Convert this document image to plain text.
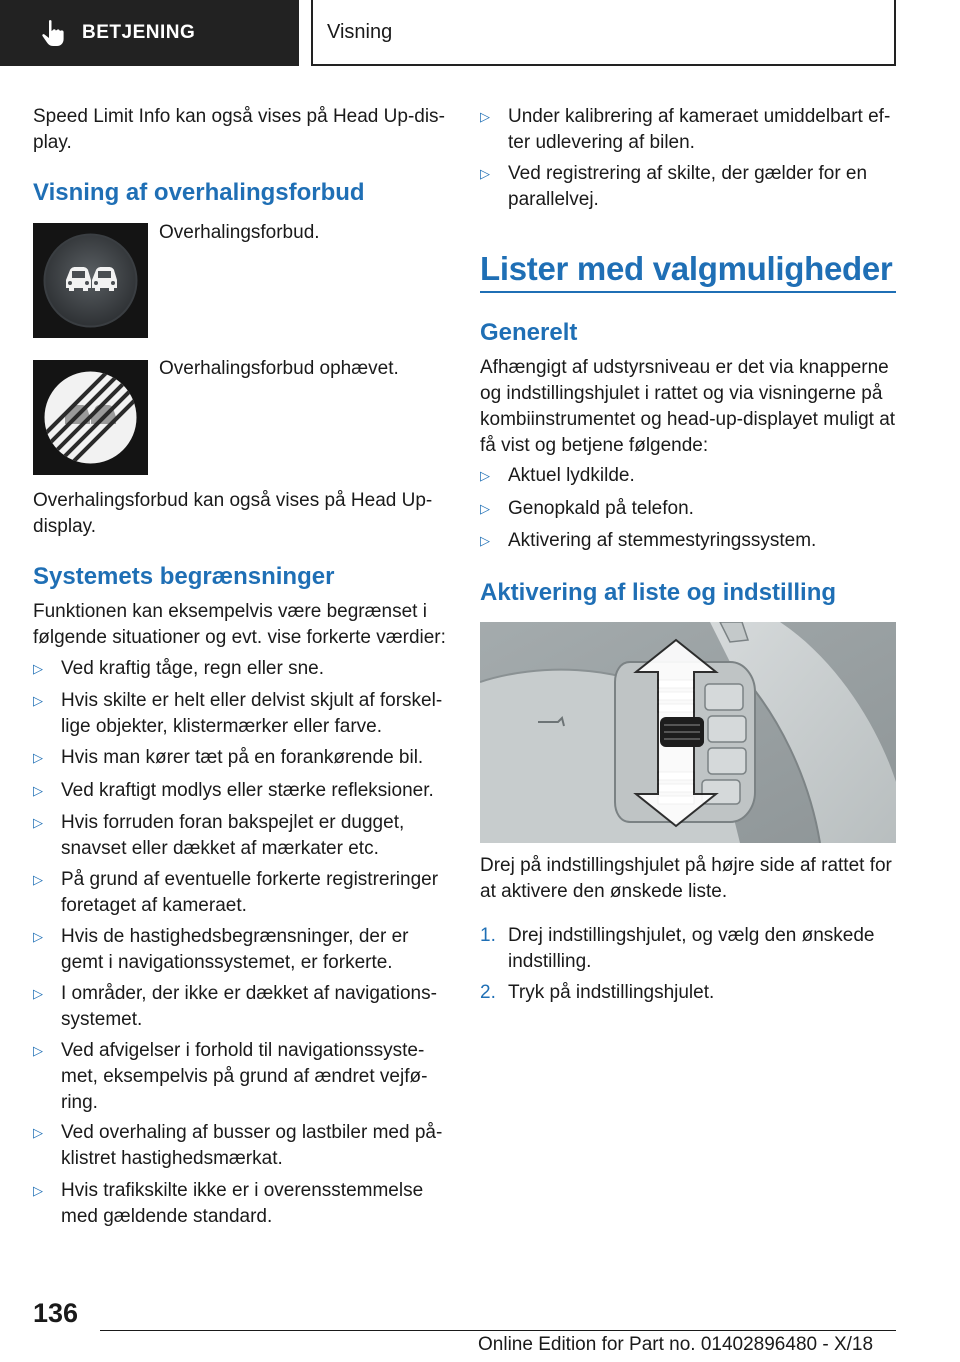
BETJENING	Visning
Speed Limit Info kan også vises på Head Up-display.
Visning af overhalingsforbud
Overhalingsforbud.
Overhalingsforbud ophævet.
Overhalingsforbud kan også vises på Head Up-display.
Systemets begrænsninger
Funktionen kan eksempelvis være begrænset i følgende situationer og evt. vise forkerte værdier:
▷ Ved kraftig tåge, regn eller sne.
▷ Hvis skilte er helt eller delvist skjult af forskellige objekter, klistermærker eller farve.
▷ Hvis man kører tæt på en forankørende bil.
▷ Ved kraftigt modlys eller stærke refleksioner.
▷ Hvis forruden foran bakspejlet er dugget, snavset eller dækket af mærkater etc.
▷ På grund af eventuelle forkerte registreringer foretaget af kameraet.
▷ Hvis de hastighedsbegrænsninger, der er gemt i navigationssystemet, er forkerte.
▷ I områder, der ikke er dækket af navigationssystemet.
▷ Ved afvigelser i forhold til navigationssystemet, eksempelvis på grund af ændret vejføring.
▷ Ved overhaling af busser og lastbiler med påklistret hastighedsmærkat.
▷ Hvis trafikskilte ikke er i overensstemmelse med gældende standard.
▷ Under kalibrering af kameraet umiddelbart efter udlevering af bilen.
▷ Ved registrering af skilte, der gælder for en parallelvej.
Lister med valgmuligheder
Generelt
Afhængigt af udstyrsniveau er det via knapperne og indstillingshjulet i rattet og via visningerne på kombiinstrumentet og head-up-displayet muligt at få vist og betjene følgende:
▷ Aktuel lydkilde.
▷ Genopkald på telefon.
▷ Aktivering af stemmestyringssystem.
Aktivering af liste og indstilling
Drej på indstillingshjulet på højre side af rattet for at aktivere den ønskede liste.
1. Drej indstillingshjulet, og vælg den ønskede indstilling.
2. Tryk på indstillingshjulet.
136
Online Edition for Part no. 01402896480 - X/18
